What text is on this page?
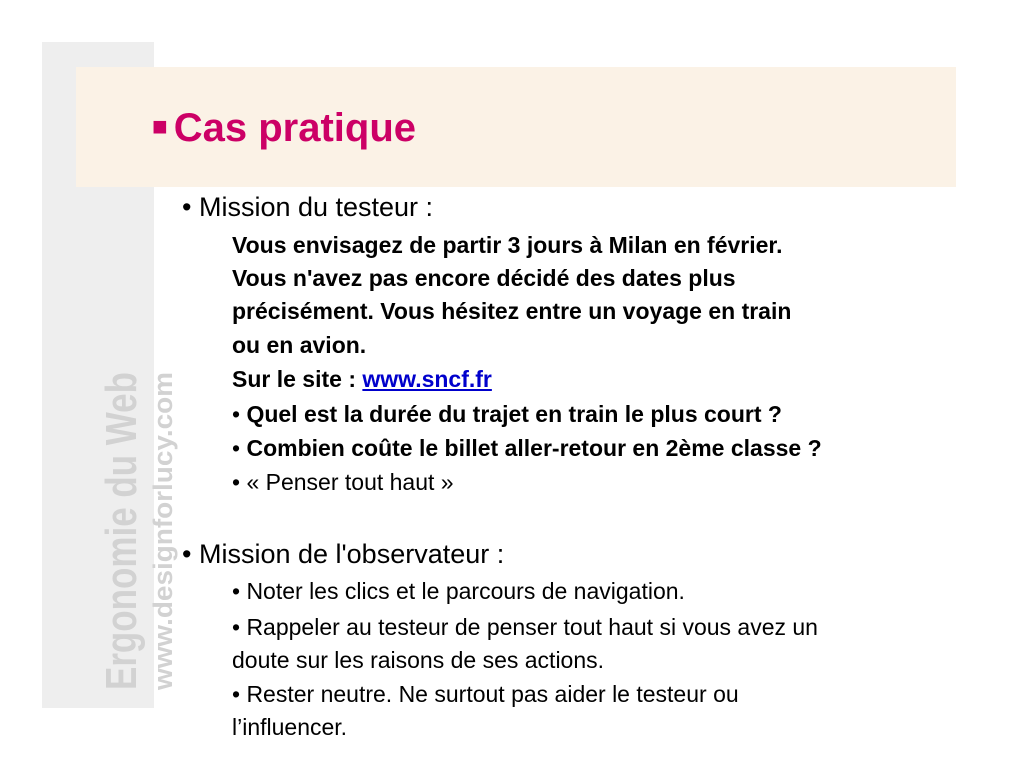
Ergonomie du Web www.designforlucy.com
■ Cas pratique
• Mission du testeur :
Vous envisagez de partir 3 jours à Milan en février.
Vous n'avez pas encore décidé des dates plus
précisément. Vous hésitez entre un voyage en train
ou en avion.
Sur le site : www.sncf.fr
• Quel est la durée du trajet en train le plus court ?
• Combien coûte le billet aller-retour en 2ème classe ?
• « Penser tout haut »
• Mission de l'observateur :
• Noter les clics et le parcours de navigation.
• Rappeler au testeur de penser tout haut si vous avez un
doute sur les raisons de ses actions.
• Rester neutre. Ne surtout pas aider le testeur ou
l’influencer.
